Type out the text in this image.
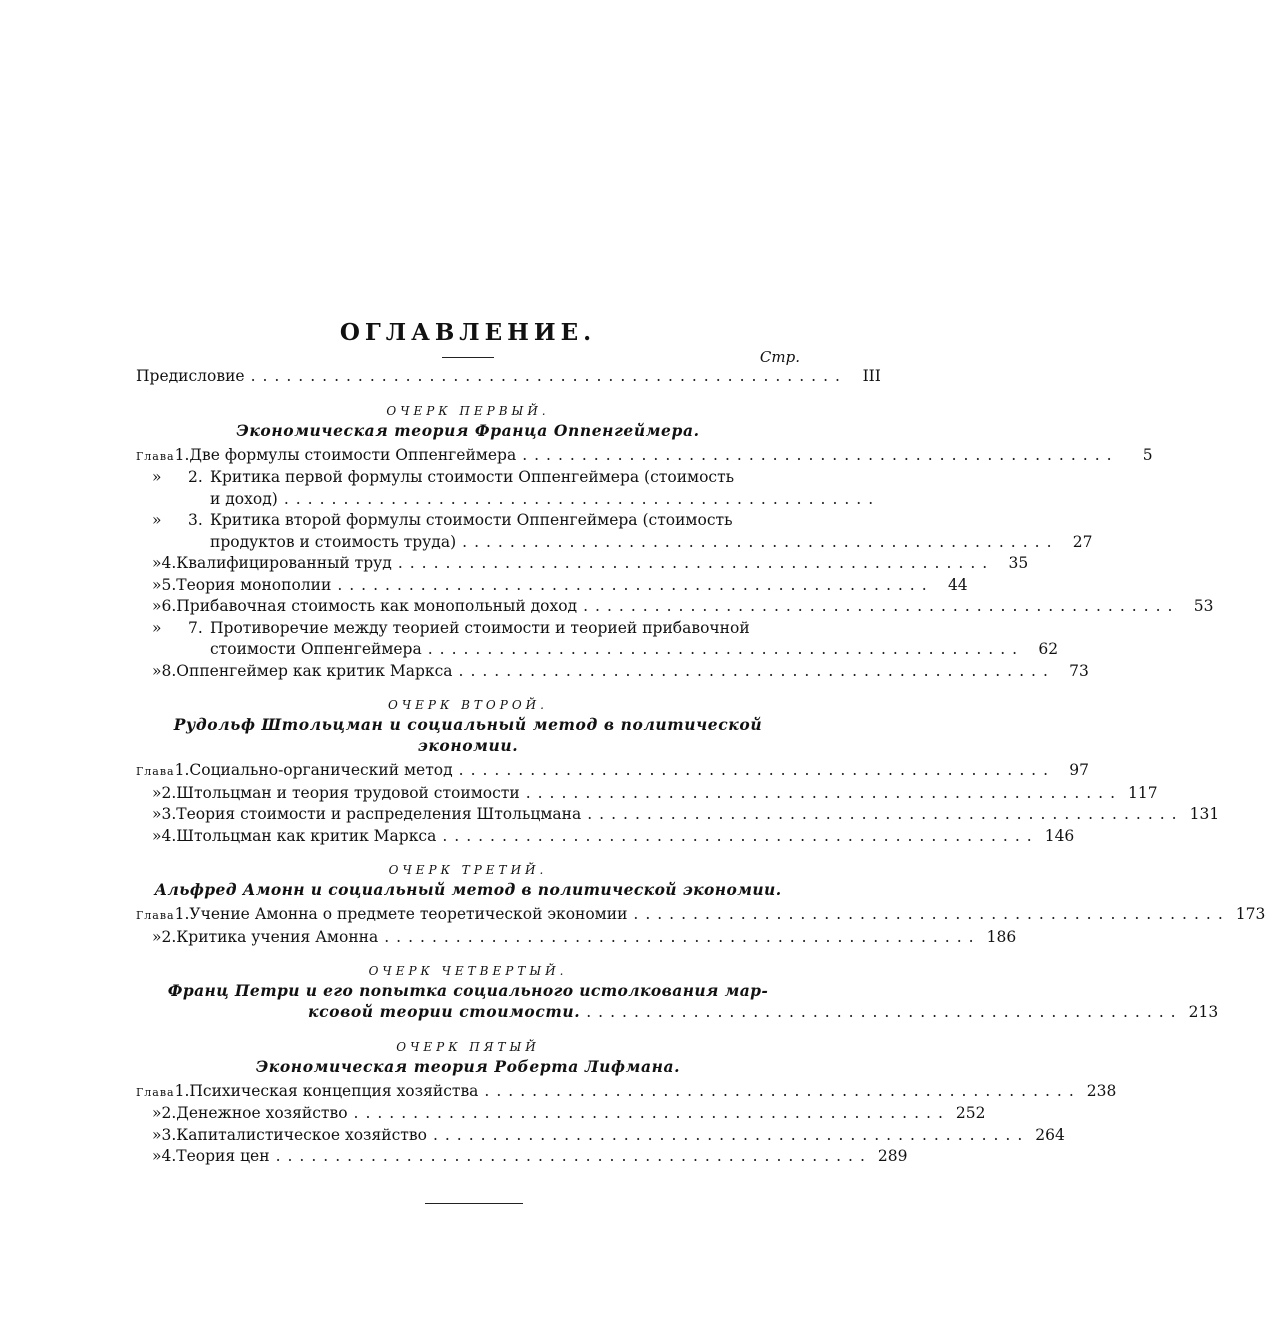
ОГЛАВЛЕНИЕ.
Стр.
Предисловие ..................................................	III
ОЧЕРК ПЕРВЫЙ.
Экономическая теория Франца Оппенгеймера.
Глава 1. Две формулы стоимости Оппенгеймера ..................................................	5
»	2. Критика первой формулы стоимости Оппенгеймера (стоимость
и доход) ..................................................
»	3. Критика второй формулы стоимости Оппенгеймера (стоимость
продуктов и стоимость труда) .................................................. 27
» 4. Квалифицированный труд .................................................. 35
» 5. Теория монополии .................................................. 44
» 6. Прибавочная стоимость как монопольный доход .................................................. 53
»	7. Противоречие между теорией стоимости и теорией прибавочной
стоимости Оппенгеймера .................................................. 62
» 8. Оппенгеймер как критик Маркса .................................................. 73
ОЧЕРК ВТОРОЙ.
Рудольф Штольцман и социальный метод в политической
экономии.
Глава 1. Социально-органический метод .................................................. 97
» 2. Штольцман и теория трудовой стоимости .................................................. 117
» 3. Теория стоимости и распределения Штольцмана .................................................. 131
» 4. Штольцман как критик Маркса .................................................. 146
ОЧЕРК ТРЕТИЙ.
Альфред Амонн и социальный метод в политической экономии.
Глава 1. Учение Амонна о предмете теоретической экономии .................................................. 173
» 2. Критика учения Амонна .................................................. 186
ОЧЕРК ЧЕТВЕРТЫЙ.
Франц Петри и его попытка социального истолкования мар-
ксовой теории стоимости. .................................................. 213
ОЧЕРК ПЯТЫЙ
Экономическая теория Роберта Лифмана.
Глава 1. Психическая концепция хозяйства .................................................. 238
» 2. Денежное хозяйство .................................................. 252
» 3. Капиталистическое хозяйство .................................................. 264
» 4. Теория цен .................................................. 289
